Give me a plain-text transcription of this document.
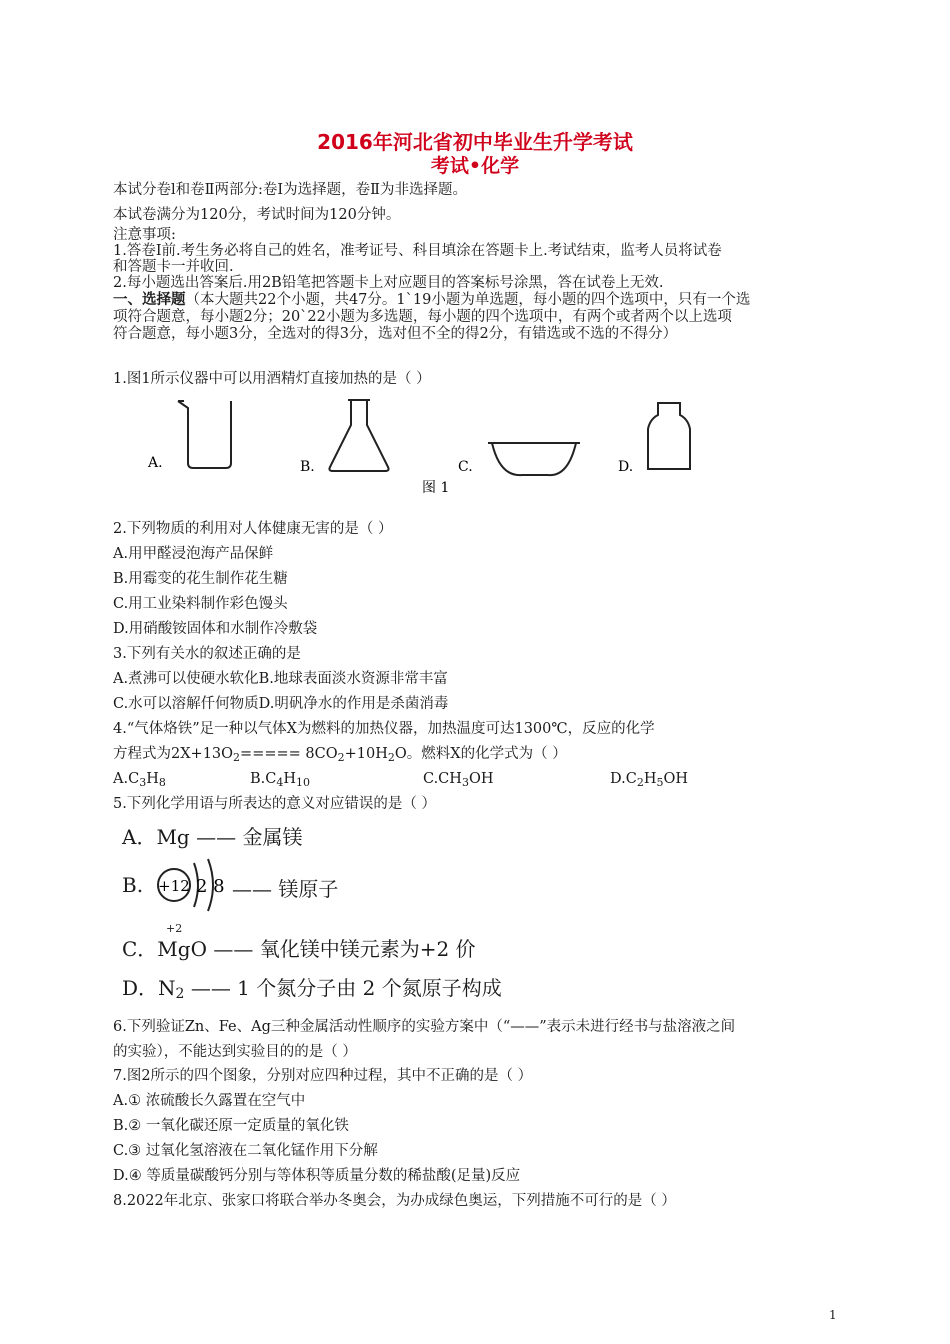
2016年河北省初中毕业生升学考试
考试•化学
本试分卷l和卷Ⅱ两部分:卷Ⅰ为选择题，卷Ⅱ为非选择题。
本试卷满分为120分，考试时间为120分钟。
注意事项:
1.答卷Ⅰ前.考生务必将自己的姓名，准考证号、科目填涂在答题卡上.考试结束，监考人员将试卷
和答题卡一并收回.
2.每小题选出答案后.用2B铅笔把答题卡上对应题目的答案标号涂黑，答在试卷上无效.
一、选择题（本大题共22个小题，共47分。1`19小题为单选题，每小题的四个选项中，只有一个选
项符合题意，每小题2分；20`22小题为多选题，每小题的四个选项中，有两个或者两个以上选项
符合题意，每小题3分，全选对的得3分，选对但不全的得2分，有错选或不选的不得分）
1.图1所示仪器中可以用酒精灯直接加热的是（ ）
A.	B.	C.	D.
图 1
2.下列物质的利用对人体健康无害的是（ ）
A.用甲醛浸泡海产品保鲜
B.用霉变的花生制作花生糖
C.用工业染料制作彩色馒头
D.用硝酸铵固体和水制作冷敷袋
3.下列有关水的叙述正确的是
A.煮沸可以使硬水软化B.地球表面淡水资源非常丰富
C.水可以溶解仟何物质D.明矾净水的作用是杀菌消毒
4.“气体烙铁”足一种以气体X为燃料的加热仪器，加热温度可达1300℃，反应的化学
方程式为$2X+13O_2===== 8CO_2+10H_2O$。燃料X的化学式为（ ）
$A.C_3H_8$	$B.C_4H_{10}$	$C.CH_3OH$	$D.C_2H_5OH$
5.下列化学用语与所表达的意义对应错误的是（ ）
A．Mg —— 金属镁
B. +12 2 8 —— 镁原子
+2
C．MgO —— 氧化镁中镁元素为+2 价
D．$N_2$ —— 1 个氮分子由 2 个氮原子构成
6.下列验证Zn、Fe、Ag三种金属活动性顺序的实验方案中（“——”表示未进行经书与盐溶液之间
的实验），不能达到实验目的的是（ ）
7.图2所示的四个图象，分别对应四种过程，其中不正确的是（ ）
A.① 浓硫酸长久露置在空气中
B.② 一氧化碳还原一定质量的氧化铁
C.③ 过氧化氢溶液在二氧化锰作用下分解
D.④ 等质量碳酸钙分别与等体积等质量分数的稀盐酸(足量)反应
8.2022年北京、张家口将联合举办冬奥会，为办成绿色奥运，下列措施不可行的是（ ）
1
